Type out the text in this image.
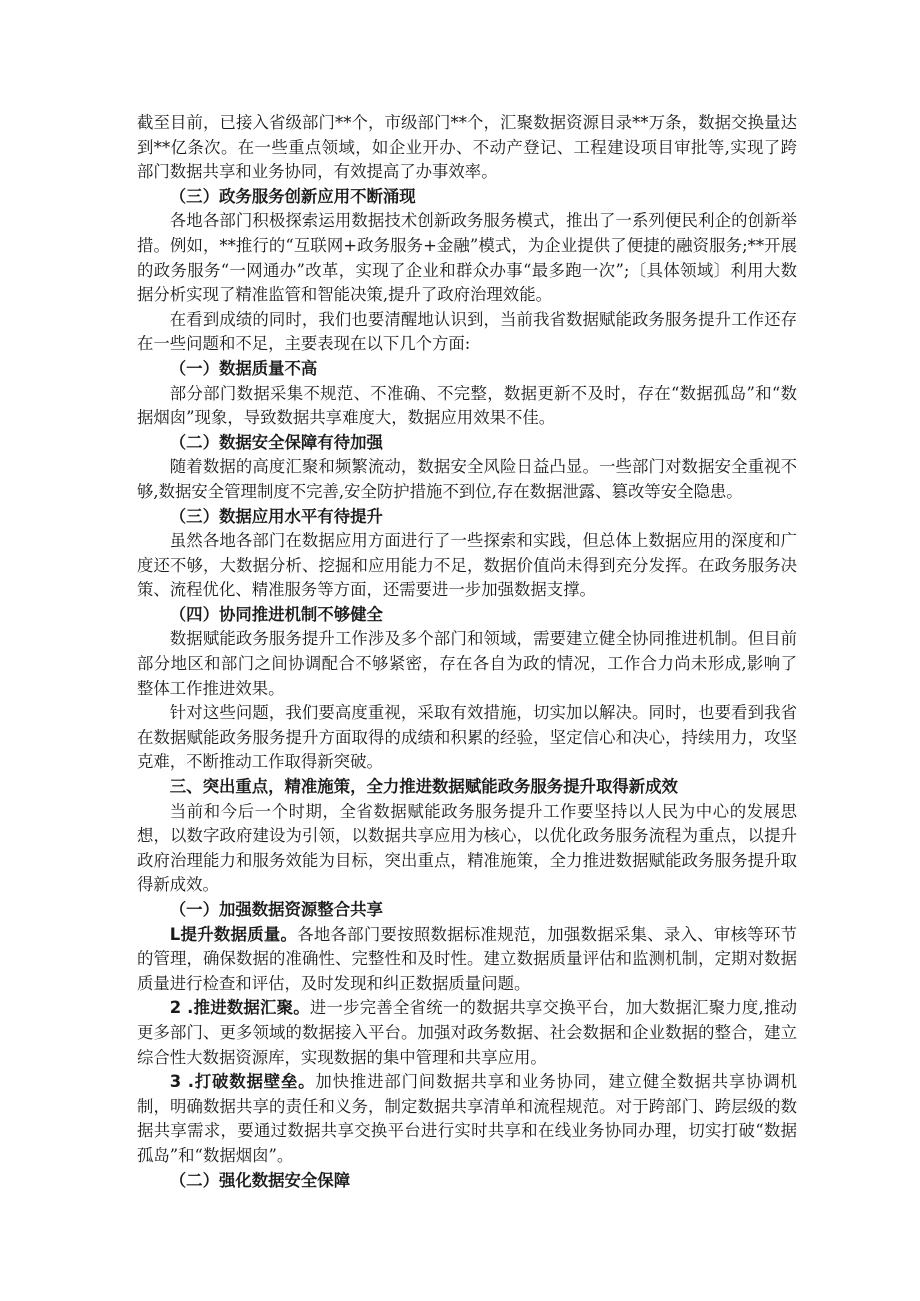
截至目前，已接入省级部门**个，市级部门**个，汇聚数据资源目录**万条，数据交换量达到**亿条次。在一些重点领域，如企业开办、不动产登记、工程建设项目审批等,实现了跨部门数据共享和业务协同，有效提高了办事效率。

（三）政务服务创新应用不断涌现

各地各部门积极探索运用数据技术创新政务服务模式，推出了一系列便民利企的创新举措。例如，**推行的“互联网+政务服务+金融”模式，为企业提供了便捷的融资服务;**开展的政务服务“一网通办”改革，实现了企业和群众办事“最多跑一次”;〔具体领域〕利用大数据分析实现了精准监管和智能决策,提升了政府治理效能。

在看到成绩的同时，我们也要清醒地认识到，当前我省数据赋能政务服务提升工作还存在一些问题和不足，主要表现在以下几个方面:

（一）数据质量不高

部分部门数据采集不规范、不准确、不完整，数据更新不及时，存在“数据孤岛”和“数据烟囱”现象，导致数据共享难度大，数据应用效果不佳。

（二）数据安全保障有待加强

随着数据的高度汇聚和频繁流动，数据安全风险日益凸显。一些部门对数据安全重视不够,数据安全管理制度不完善,安全防护措施不到位,存在数据泄露、篡改等安全隐患。

（三）数据应用水平有待提升

虽然各地各部门在数据应用方面进行了一些探索和实践，但总体上数据应用的深度和广度还不够，大数据分析、挖掘和应用能力不足，数据价值尚未得到充分发挥。在政务服务决策、流程优化、精准服务等方面，还需要进一步加强数据支撑。

（四）协同推进机制不够健全

数据赋能政务服务提升工作涉及多个部门和领域，需要建立健全协同推进机制。但目前部分地区和部门之间协调配合不够紧密，存在各自为政的情况，工作合力尚未形成,影响了整体工作推进效果。

针对这些问题，我们要高度重视，采取有效措施，切实加以解决。同时，也要看到我省在数据赋能政务服务提升方面取得的成绩和积累的经验，坚定信心和决心，持续用力，攻坚克难，不断推动工作取得新突破。

三、突出重点，精准施策，全力推进数据赋能政务服务提升取得新成效

当前和今后一个时期，全省数据赋能政务服务提升工作要坚持以人民为中心的发展思想，以数字政府建设为引领，以数据共享应用为核心，以优化政务服务流程为重点，以提升政府治理能力和服务效能为目标，突出重点，精准施策，全力推进数据赋能政务服务提升取得新成效。

（一）加强数据资源整合共享

L提升数据质量。各地各部门要按照数据标准规范，加强数据采集、录入、审核等环节的管理，确保数据的准确性、完整性和及时性。建立数据质量评估和监测机制，定期对数据质量进行检查和评估，及时发现和纠正数据质量问题。

2 .推进数据汇聚。进一步完善全省统一的数据共享交换平台，加大数据汇聚力度,推动更多部门、更多领域的数据接入平台。加强对政务数据、社会数据和企业数据的整合，建立综合性大数据资源库，实现数据的集中管理和共享应用。

3 .打破数据壁垒。加快推进部门间数据共享和业务协同，建立健全数据共享协调机制，明确数据共享的责任和义务，制定数据共享清单和流程规范。对于跨部门、跨层级的数据共享需求，要通过数据共享交换平台进行实时共享和在线业务协同办理，切实打破“数据孤岛”和“数据烟囱”。

（二）强化数据安全保障
